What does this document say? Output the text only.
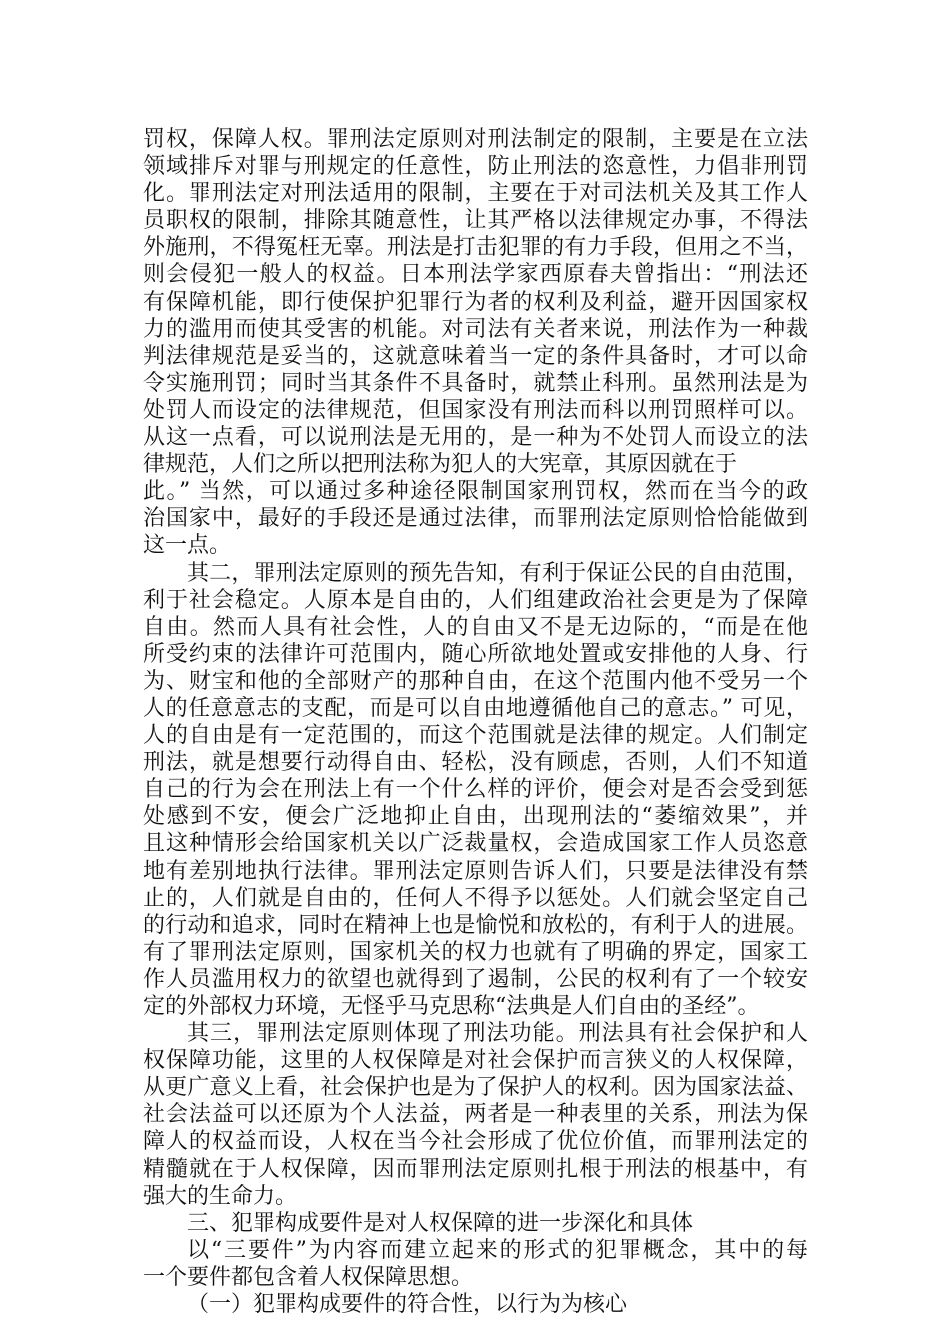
罚权，保障人权。罪刑法定原则对刑法制定的限制，主要是在立法
领域排斥对罪与刑规定的任意性，防止刑法的恣意性，力倡非刑罚
化。罪刑法定对刑法适用的限制，主要在于对司法机关及其工作人
员职权的限制，排除其随意性，让其严格以法律规定办事，不得法
外施刑，不得冤枉无辜。刑法是打击犯罪的有力手段，但用之不当，
则会侵犯一般人的权益。日本刑法学家西原春夫曾指出：“刑法还
有保障机能，即行使保护犯罪行为者的权利及利益，避开因国家权
力的滥用而使其受害的机能。对司法有关者来说，刑法作为一种裁
判法律规范是妥当的，这就意味着当一定的条件具备时，才可以命
令实施刑罚；同时当其条件不具备时，就禁止科刑。虽然刑法是为
处罚人而设定的法律规范，但国家没有刑法而科以刑罚照样可以。
从这一点看，可以说刑法是无用的，是一种为不处罚人而设立的法
律规范，人们之所以把刑法称为犯人的大宪章，其原因就在于
此。” 当然，可以通过多种途径限制国家刑罚权，然而在当今的政
治国家中，最好的手段还是通过法律，而罪刑法定原则恰恰能做到
这一点。
其二，罪刑法定原则的预先告知，有利于保证公民的自由范围，
利于社会稳定。人原本是自由的，人们组建政治社会更是为了保障
自由。然而人具有社会性，人的自由又不是无边际的，“而是在他
所受约束的法律许可范围内，随心所欲地处置或安排他的人身、行
为、财宝和他的全部财产的那种自由，在这个范围内他不受另一个
人的任意意志的支配，而是可以自由地遵循他自己的意志。” 可见，
人的自由是有一定范围的，而这个范围就是法律的规定。人们制定
刑法，就是想要行动得自由、轻松，没有顾虑，否则，人们不知道
自己的行为会在刑法上有一个什么样的评价，便会对是否会受到惩
处感到不安，便会广泛地抑止自由，出现刑法的“萎缩效果”，并
且这种情形会给国家机关以广泛裁量权，会造成国家工作人员恣意
地有差别地执行法律。罪刑法定原则告诉人们，只要是法律没有禁
止的，人们就是自由的，任何人不得予以惩处。人们就会坚定自己
的行动和追求，同时在精神上也是愉悦和放松的，有利于人的进展。
有了罪刑法定原则，国家机关的权力也就有了明确的界定，国家工
作人员滥用权力的欲望也就得到了遏制，公民的权利有了一个较安
定的外部权力环境，无怪乎马克思称“法典是人们自由的圣经”。
其三，罪刑法定原则体现了刑法功能。刑法具有社会保护和人
权保障功能，这里的人权保障是对社会保护而言狭义的人权保障，
从更广意义上看，社会保护也是为了保护人的权利。因为国家法益、
社会法益可以还原为个人法益，两者是一种表里的关系，刑法为保
障人的权益而设，人权在当今社会形成了优位价值，而罪刑法定的
精髓就在于人权保障，因而罪刑法定原则扎根于刑法的根基中，有
强大的生命力。
三、犯罪构成要件是对人权保障的进一步深化和具体
以“三要件”为内容而建立起来的形式的犯罪概念，其中的每
一个要件都包含着人权保障思想。
（一）犯罪构成要件的符合性，以行为为核心
